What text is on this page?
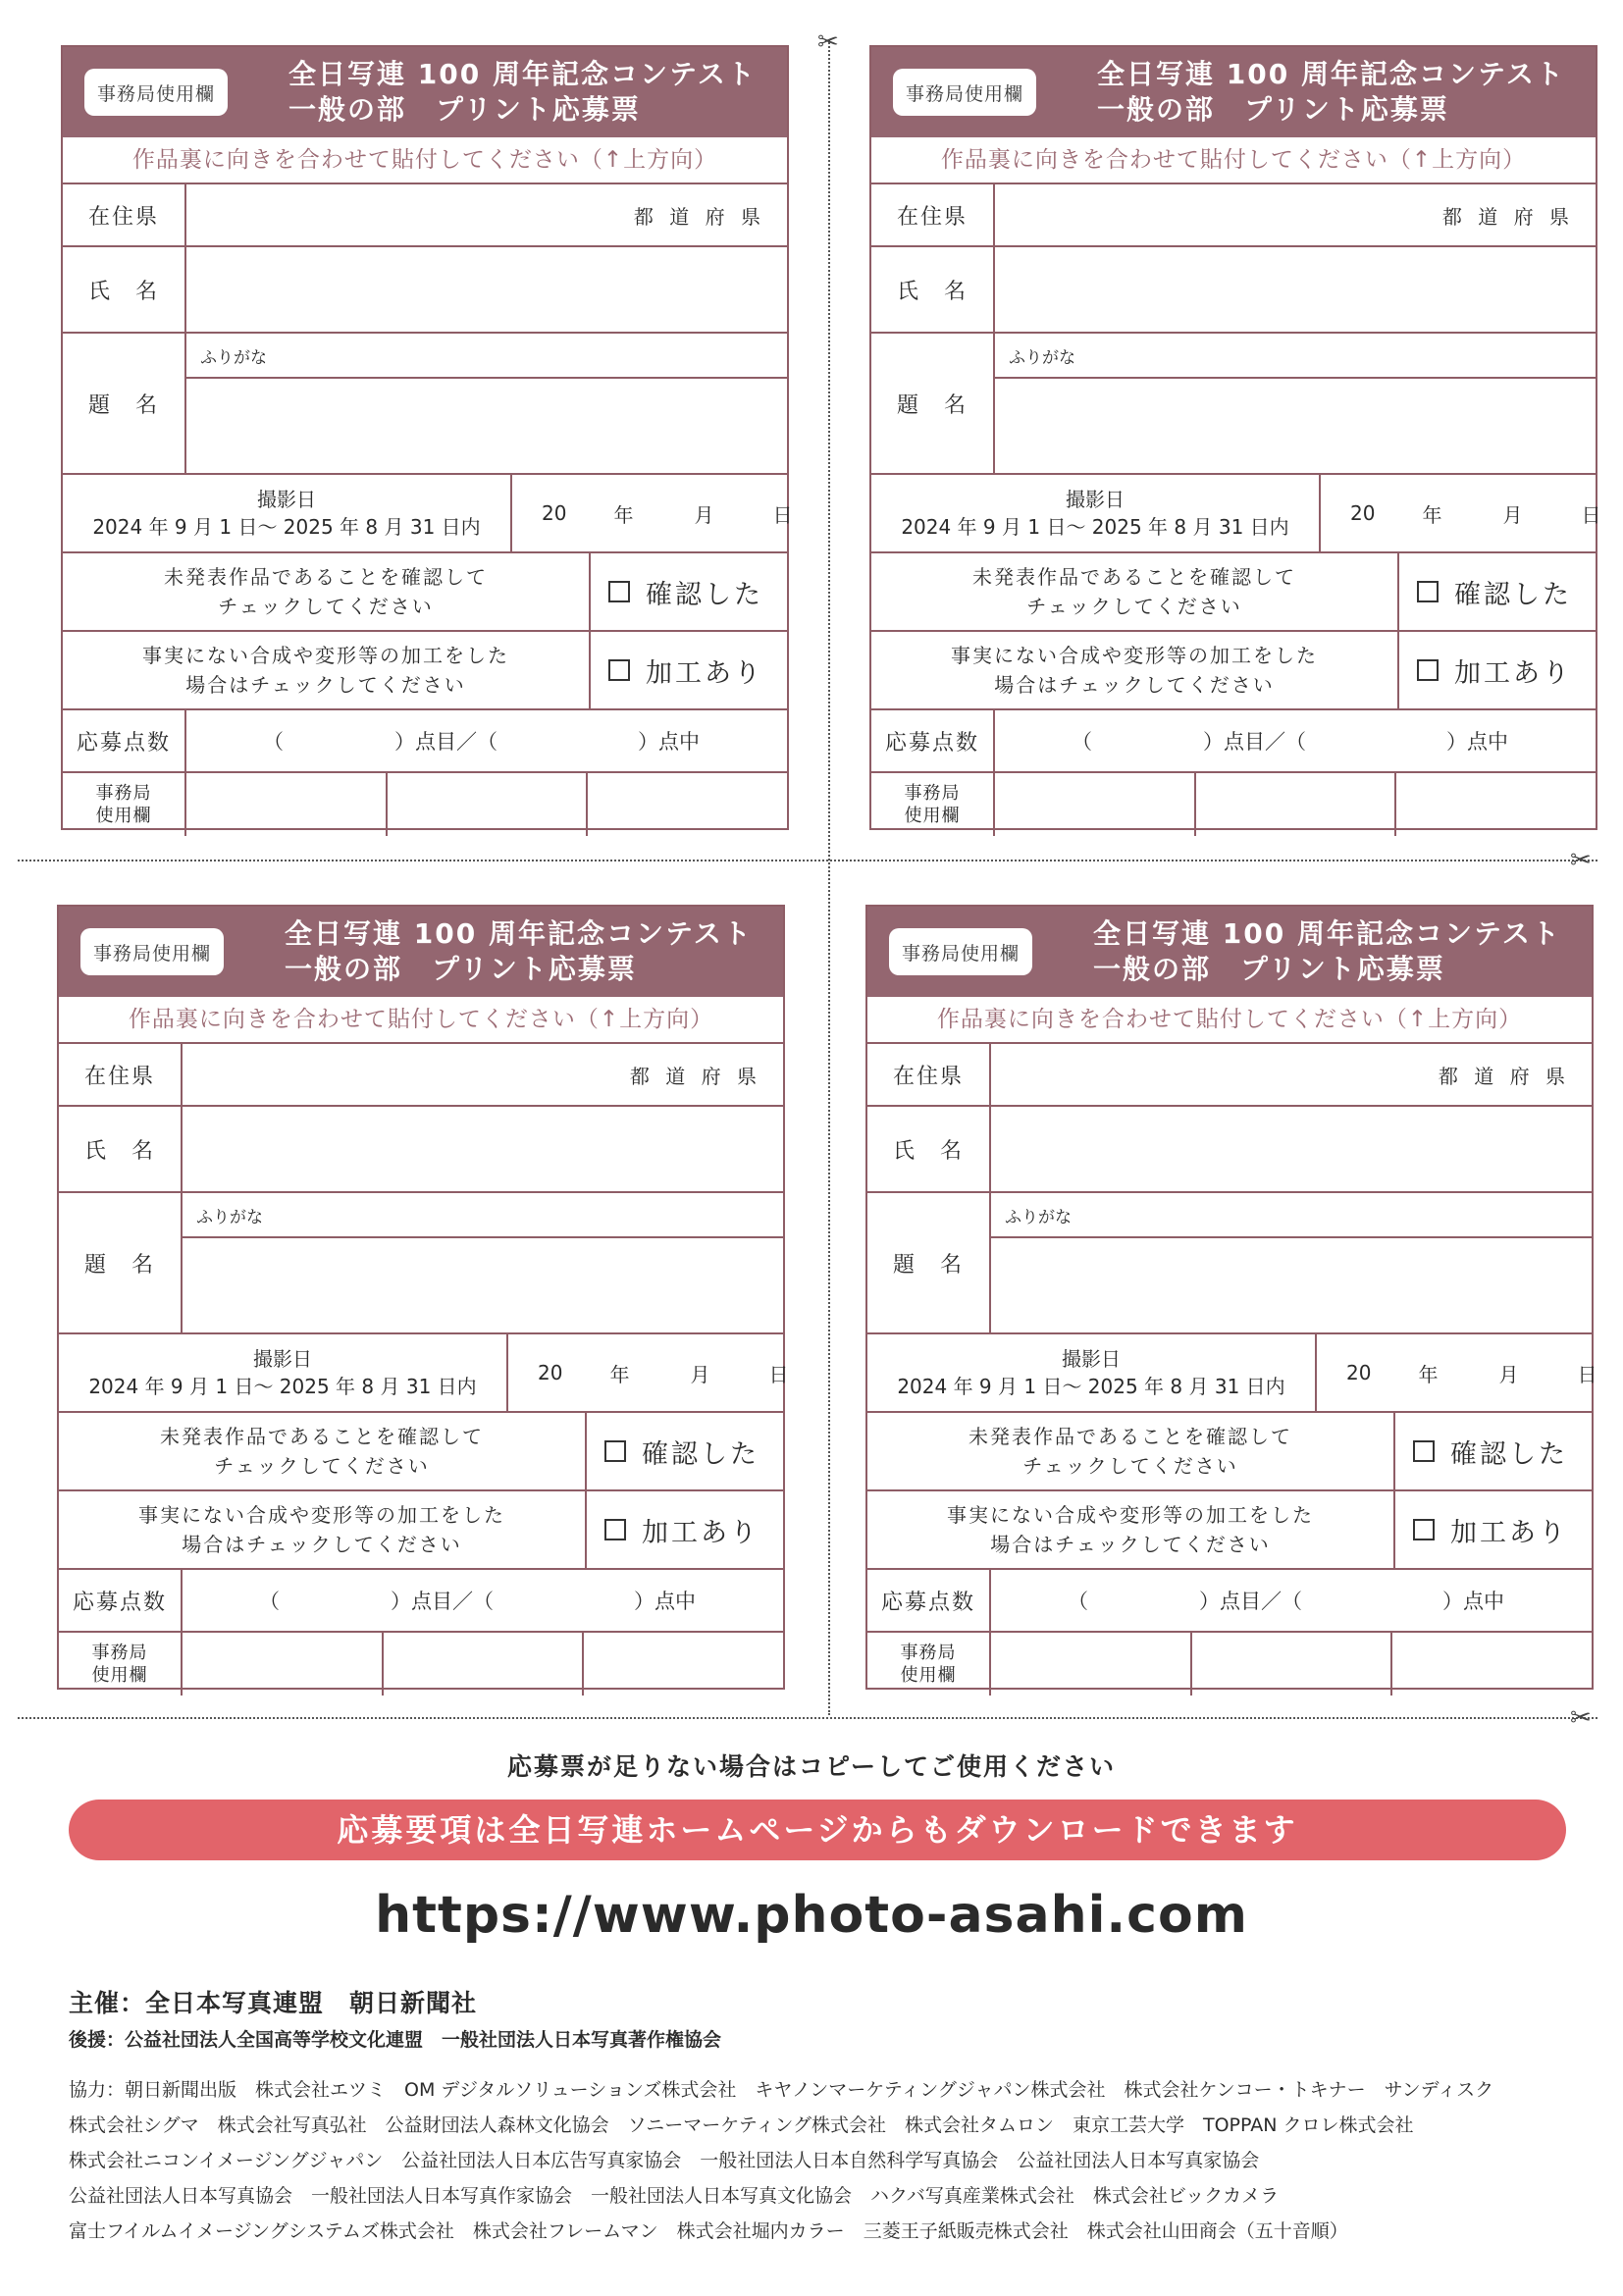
事務局使用欄
全日写連 100 周年記念コンテスト
一般の部　プリント応募票
作品裏に向きを合わせて貼付してください（↑上方向）
在住県	都 道 府 県
氏　名
題　名
ふりがな
撮影日
2024 年 9 月 1 日～ 2025 年 8 月 31 日内
20 年	月	日
未発表作品であることを確認して
チェックしてください	確認した
事実にない合成や変形等の加工をした
場合はチェックしてください	加工あり
応募点数	（	）点目／（	）点中
事務局
使用欄
事務局使用欄
全日写連 100 周年記念コンテスト
一般の部　プリント応募票
作品裏に向きを合わせて貼付してください（↑上方向）
在住県	都 道 府 県
氏　名
題　名
ふりがな
撮影日
2024 年 9 月 1 日～ 2025 年 8 月 31 日内
20 年	月	日
未発表作品であることを確認して
チェックしてください	確認した
事実にない合成や変形等の加工をした
場合はチェックしてください	加工あり
応募点数	（	）点目／（	）点中
事務局
使用欄
事務局使用欄
全日写連 100 周年記念コンテスト
一般の部　プリント応募票
作品裏に向きを合わせて貼付してください（↑上方向）
在住県	都 道 府 県
氏　名
題　名
ふりがな
撮影日
2024 年 9 月 1 日～ 2025 年 8 月 31 日内
20 年	月	日
未発表作品であることを確認して
チェックしてください	確認した
事実にない合成や変形等の加工をした
場合はチェックしてください	加工あり
応募点数	（	）点目／（	）点中
事務局
使用欄
事務局使用欄
全日写連 100 周年記念コンテスト
一般の部　プリント応募票
作品裏に向きを合わせて貼付してください（↑上方向）
在住県	都 道 府 県
氏　名
題　名
ふりがな
撮影日
2024 年 9 月 1 日～ 2025 年 8 月 31 日内
20 年	月	日
未発表作品であることを確認して
チェックしてください	確認した
事実にない合成や変形等の加工をした
場合はチェックしてください	加工あり
応募点数	（	）点目／（	）点中
事務局
使用欄
✂
✂
✂
応募票が足りない場合はコピーしてご使用ください
応募要項は全日写連ホームページからもダウンロードできます
https://www.photo-asahi.com
主催：全日本写真連盟　朝日新聞社
後援：公益社団法人全国高等学校文化連盟　一般社団法人日本写真著作権協会
協力：朝日新聞出版　株式会社エツミ　OM デジタルソリューションズ株式会社　キヤノンマーケティングジャパン株式会社　株式会社ケンコー・トキナー　サンディスク
株式会社シグマ　株式会社写真弘社　公益財団法人森林文化協会　ソニーマーケティング株式会社　株式会社タムロン　東京工芸大学　TOPPAN クロレ株式会社
株式会社ニコンイメージングジャパン　公益社団法人日本広告写真家協会　一般社団法人日本自然科学写真協会　公益社団法人日本写真家協会
公益社団法人日本写真協会　一般社団法人日本写真作家協会　一般社団法人日本写真文化協会　ハクバ写真産業株式会社　株式会社ビックカメラ
富士フイルムイメージングシステムズ株式会社　株式会社フレームマン　株式会社堀内カラー　三菱王子紙販売株式会社　株式会社山田商会（五十音順）
